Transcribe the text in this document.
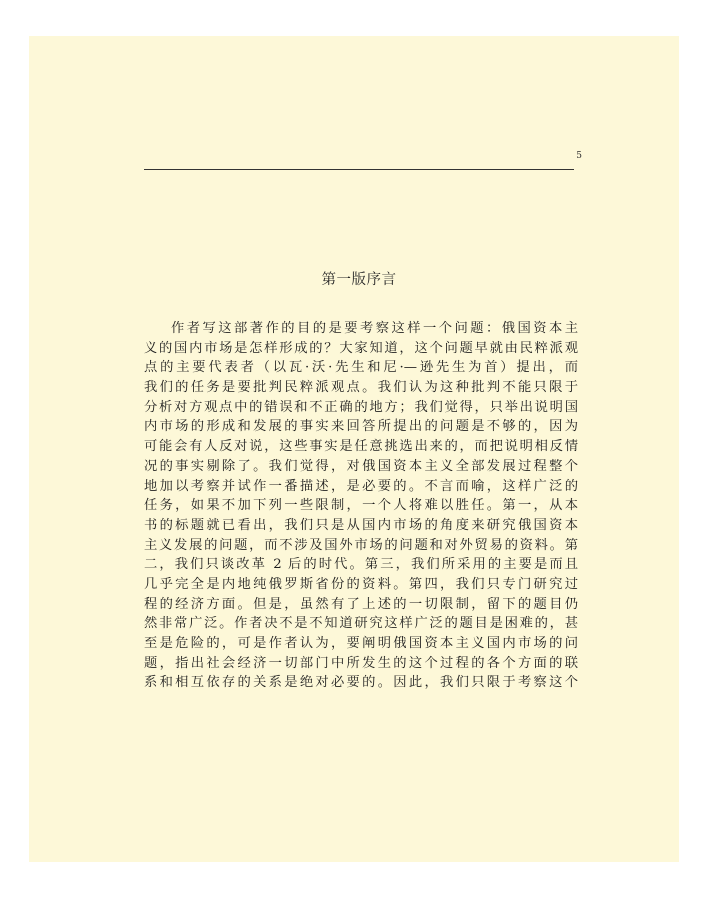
5
第一版序言
作者写这部著作的目的是要考察这样一个问题：俄国资本主
义的国内市场是怎样形成的？大家知道，这个问题早就由民粹派观
点的主要代表者（以瓦·沃·先生和尼·—逊先生为首）提出，而
我们的任务是要批判民粹派观点。我们认为这种批判不能只限于
分析对方观点中的错误和不正确的地方；我们觉得，只举出说明国
内市场的形成和发展的事实来回答所提出的问题是不够的，因为
可能会有人反对说，这些事实是任意挑选出来的，而把说明相反情
况的事实剔除了。我们觉得，对俄国资本主义全部发展过程整个
地加以考察并试作一番描述，是必要的。不言而喻，这样广泛的
任务，如果不加下列一些限制，一个人将难以胜任。第一，从本
书的标题就已看出，我们只是从国内市场的角度来研究俄国资本
主义发展的问题，而不涉及国外市场的问题和对外贸易的资料。第
二，我们只谈改革 2 后的时代。第三，我们所采用的主要是而且
几乎完全是内地纯俄罗斯省份的资料。第四，我们只专门研究过
程的经济方面。但是，虽然有了上述的一切限制，留下的题目仍
然非常广泛。作者决不是不知道研究这样广泛的题目是困难的，甚
至是危险的，可是作者认为，要阐明俄国资本主义国内市场的问
题，指出社会经济一切部门中所发生的这个过程的各个方面的联
系和相互依存的关系是绝对必要的。因此，我们只限于考察这个
